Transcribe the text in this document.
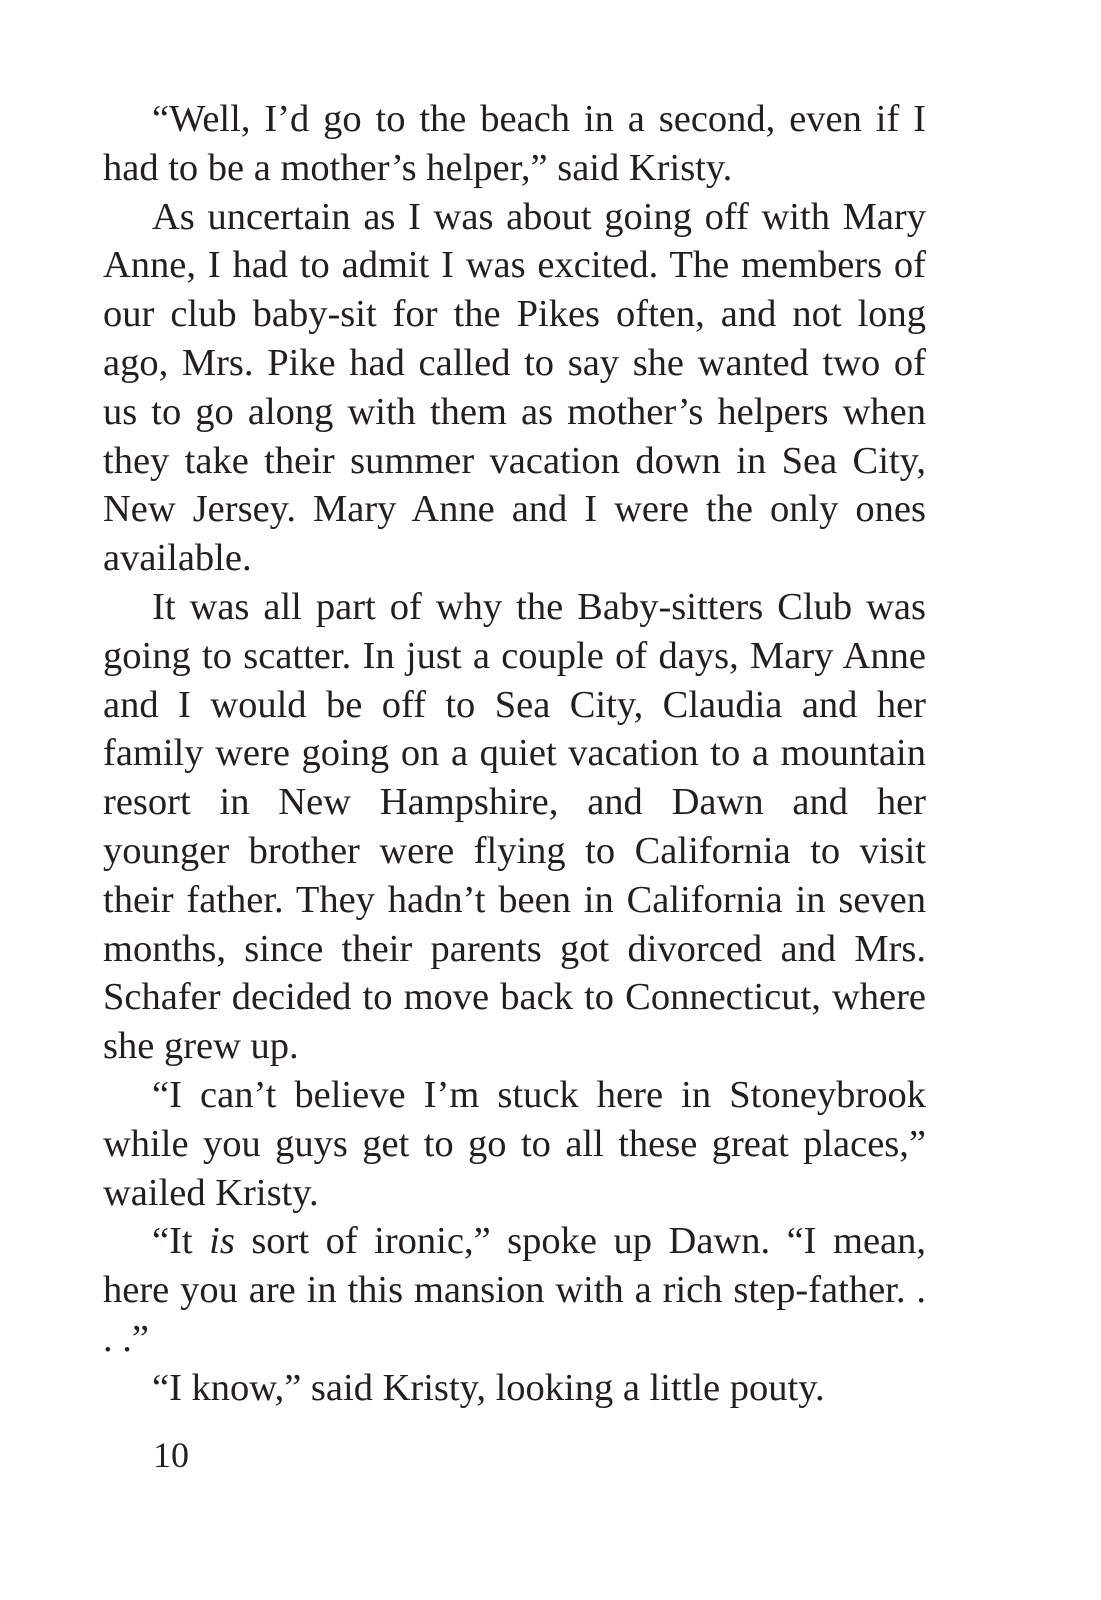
“Well, I’d go to the beach in a second, even if I had to be a mother’s helper,” said Kristy.

As uncertain as I was about going off with Mary Anne, I had to admit I was excited. The members of our club baby-sit for the Pikes often, and not long ago, Mrs. Pike had called to say she wanted two of us to go along with them as mother’s helpers when they take their summer vacation down in Sea City, New Jersey. Mary Anne and I were the only ones available.

It was all part of why the Baby-sitters Club was going to scatter. In just a couple of days, Mary Anne and I would be off to Sea City, Claudia and her family were going on a quiet vacation to a mountain resort in New Hampshire, and Dawn and her younger brother were flying to California to visit their father. They hadn’t been in California in seven months, since their parents got divorced and Mrs. Schafer decided to move back to Connecticut, where she grew up.

“I can’t believe I’m stuck here in Stoneybrook while you guys get to go to all these great places,” wailed Kristy.

“It is sort of ironic,” spoke up Dawn. “I mean, here you are in this mansion with a rich step-father. . . .”

“I know,” said Kristy, looking a little pouty.

10
